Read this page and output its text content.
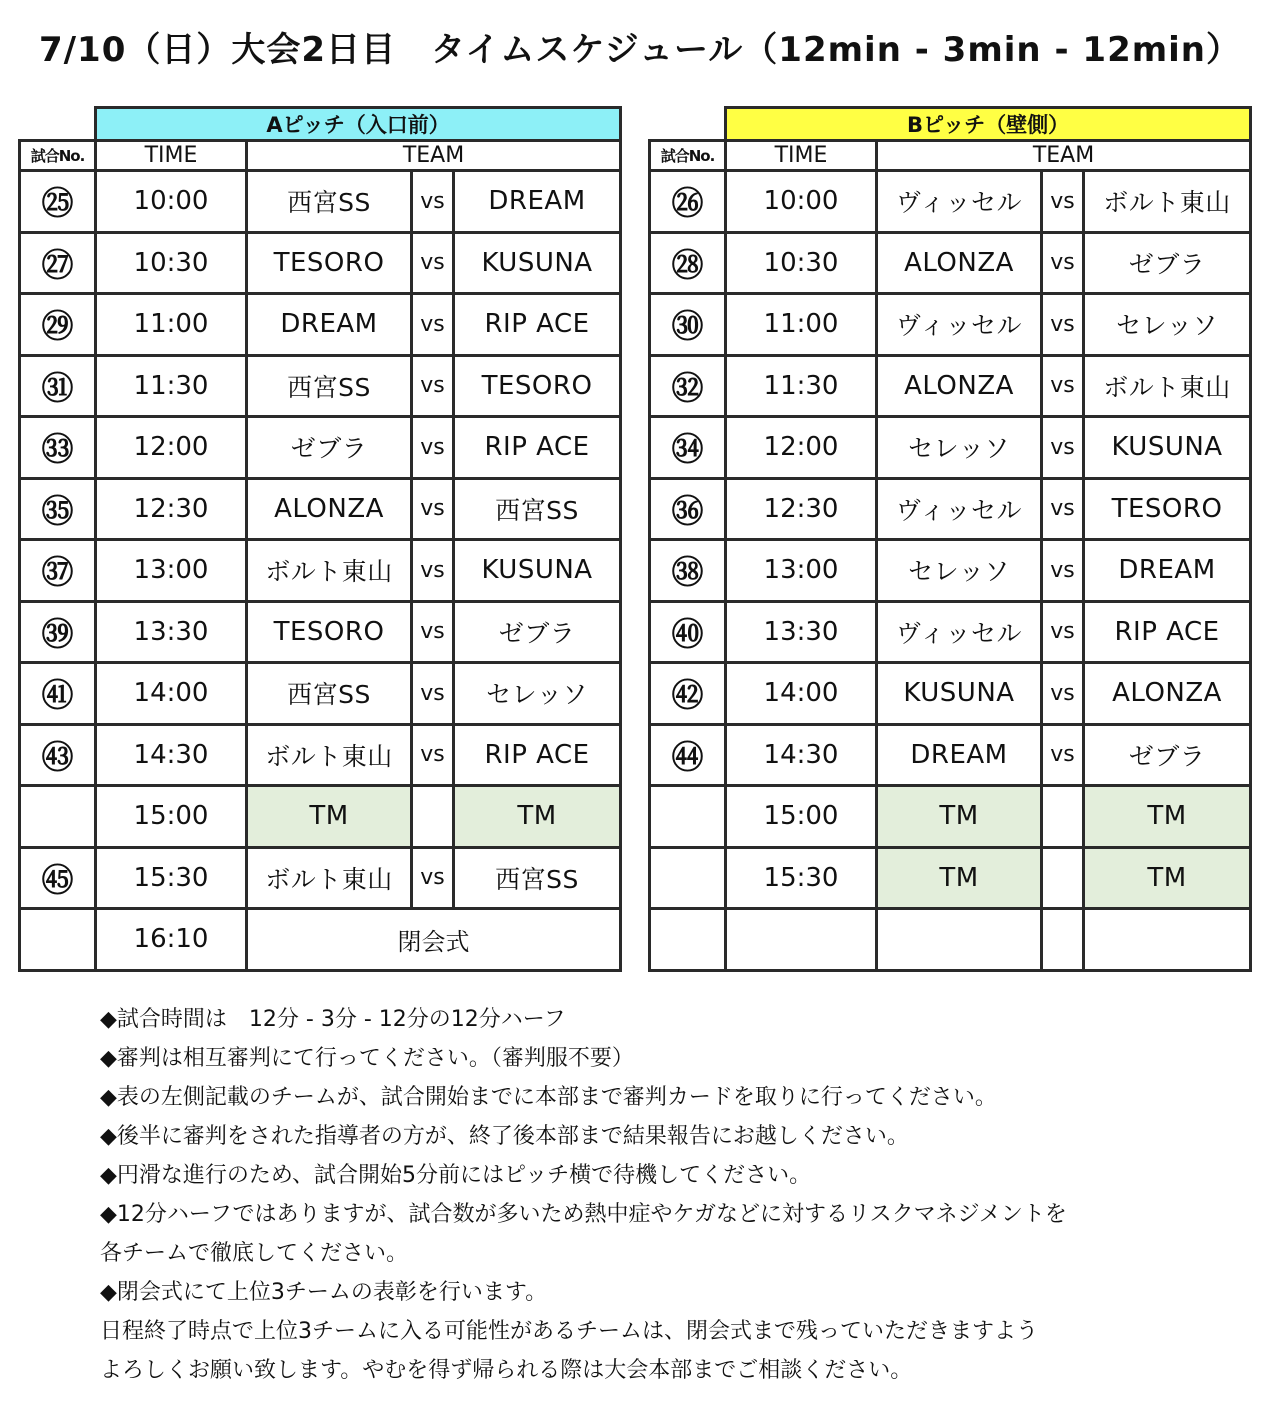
7/10（日）大会2日目　タイムスケジュール（12min - 3min - 12min）
	Aピッチ（入口前）			
試合No.	TIME	TEAM		
㉕	10:00	西宮SS	vs	DREAM
㉗	10:30	TESORO	vs	KUSUNA
㉙	11:00	DREAM	vs	RIP ACE
㉛	11:30	西宮SS	vs	TESORO
㉝	12:00	ゼブラ	vs	RIP ACE
㉟	12:30	ALONZA	vs	西宮SS
㊲	13:00	ボルト東山	vs	KUSUNA
㊴	13:30	TESORO	vs	ゼブラ
㊶	14:00	西宮SS	vs	セレッソ
㊸	14:30	ボルト東山	vs	RIP ACE
	15:00	TM		TM
㊺	15:30	ボルト東山	vs	西宮SS
	16:10	閉会式		
	Bピッチ（壁側）			
試合No.	TIME	TEAM		
㉖	10:00	ヴィッセル	vs	ボルト東山
㉘	10:30	ALONZA	vs	ゼブラ
㉚	11:00	ヴィッセル	vs	セレッソ
㉜	11:30	ALONZA	vs	ボルト東山
㉞	12:00	セレッソ	vs	KUSUNA
㊱	12:30	ヴィッセル	vs	TESORO
㊳	13:00	セレッソ	vs	DREAM
㊵	13:30	ヴィッセル	vs	RIP ACE
㊷	14:00	KUSUNA	vs	ALONZA
㊹	14:30	DREAM	vs	ゼブラ
	15:00	TM		TM
	15:30	TM		TM

◆試合時間は　12分 - 3分 - 12分の12分ハーフ

◆審判は相互審判にて行ってください。（審判服不要）

◆表の左側記載のチームが、試合開始までに本部まで審判カードを取りに行ってください。

◆後半に審判をされた指導者の方が、終了後本部まで結果報告にお越しください。

◆円滑な進行のため、試合開始5分前にはピッチ横で待機してください。

◆12分ハーフではありますが、試合数が多いため熱中症やケガなどに対するリスクマネジメントを

各チームで徹底してください。

◆閉会式にて上位3チームの表彰を行います。

日程終了時点で上位3チームに入る可能性があるチームは、閉会式まで残っていただきますよう

よろしくお願い致します。やむを得ず帰られる際は大会本部までご相談ください。
